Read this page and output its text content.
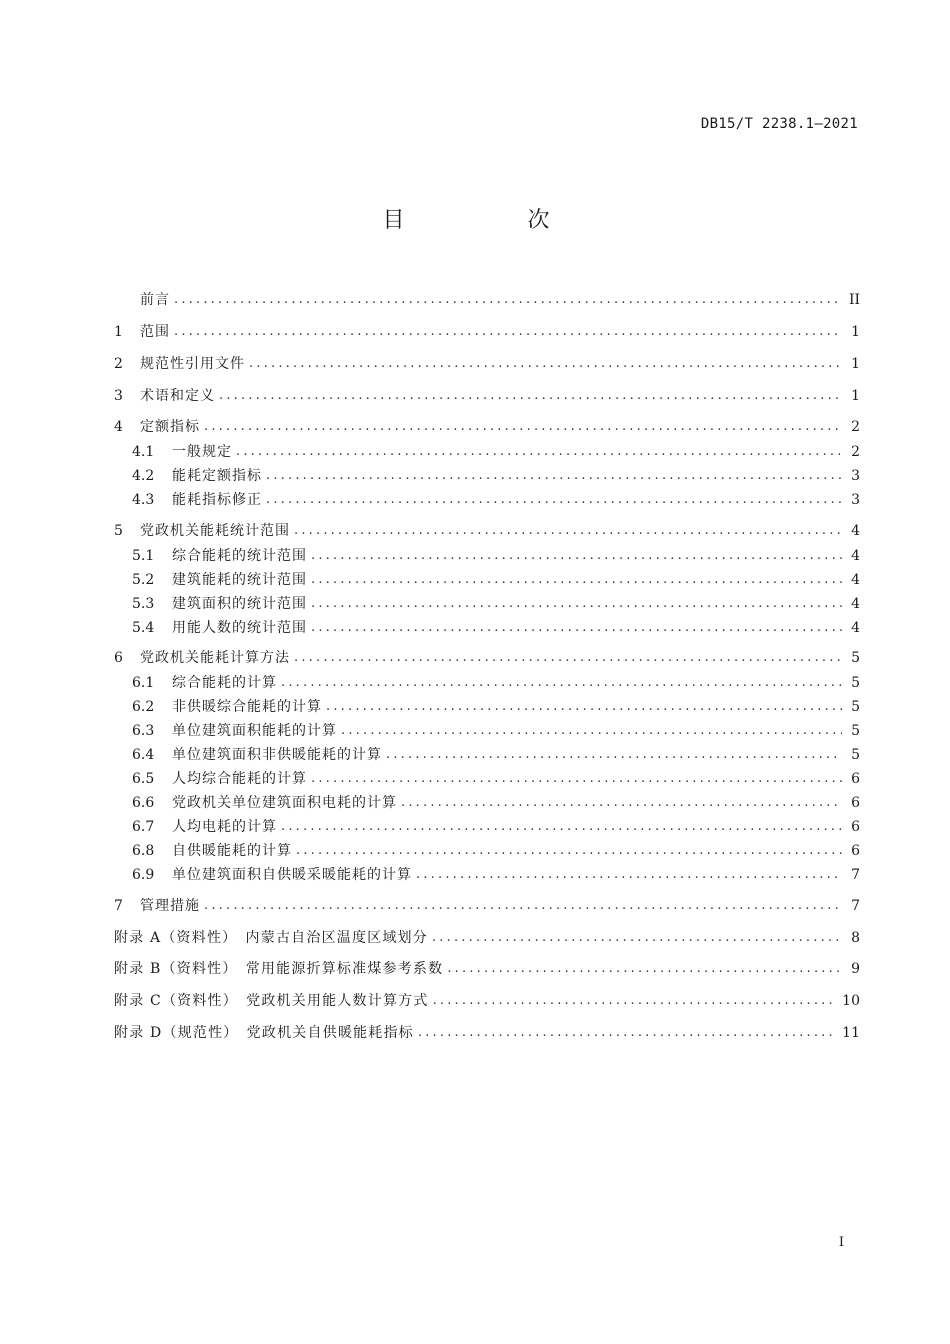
DB15/T 2238.1—2021
目 次
前言 .....	II
1	范围 .....	1
2	规范性引用文件 .....	1
3	术语和定义 .....	1
4	定额指标 .....	2
4.1	一般规定 .....	2
4.2	能耗定额指标 .....	3
4.3	能耗指标修正 .....	3
5	党政机关能耗统计范围 .....	4
5.1	综合能耗的统计范围 .....	4
5.2	建筑能耗的统计范围 .....	4
5.3	建筑面积的统计范围 .....	4
5.4	用能人数的统计范围 .....	4
6	党政机关能耗计算方法 .....	5
6.1	综合能耗的计算 .....	5
6.2	非供暖综合能耗的计算 .....	5
6.3	单位建筑面积能耗的计算 .....	5
6.4	单位建筑面积非供暖能耗的计算 .....	5
6.5	人均综合能耗的计算 .....	6
6.6	党政机关单位建筑面积电耗的计算 .....	6
6.7	人均电耗的计算 .....	6
6.8	自供暖能耗的计算 .....	6
6.9	单位建筑面积自供暖采暖能耗的计算 .....	7
7	管理措施 .....	7
附录 A（资料性）　内蒙古自治区温度区域划分 .....	8
附录 B（资料性）　常用能源折算标准煤参考系数 .....	9
附录 C（资料性）　党政机关用能人数计算方式 .....	10
附录 D（规范性）　党政机关自供暖能耗指标 .....	11
I
